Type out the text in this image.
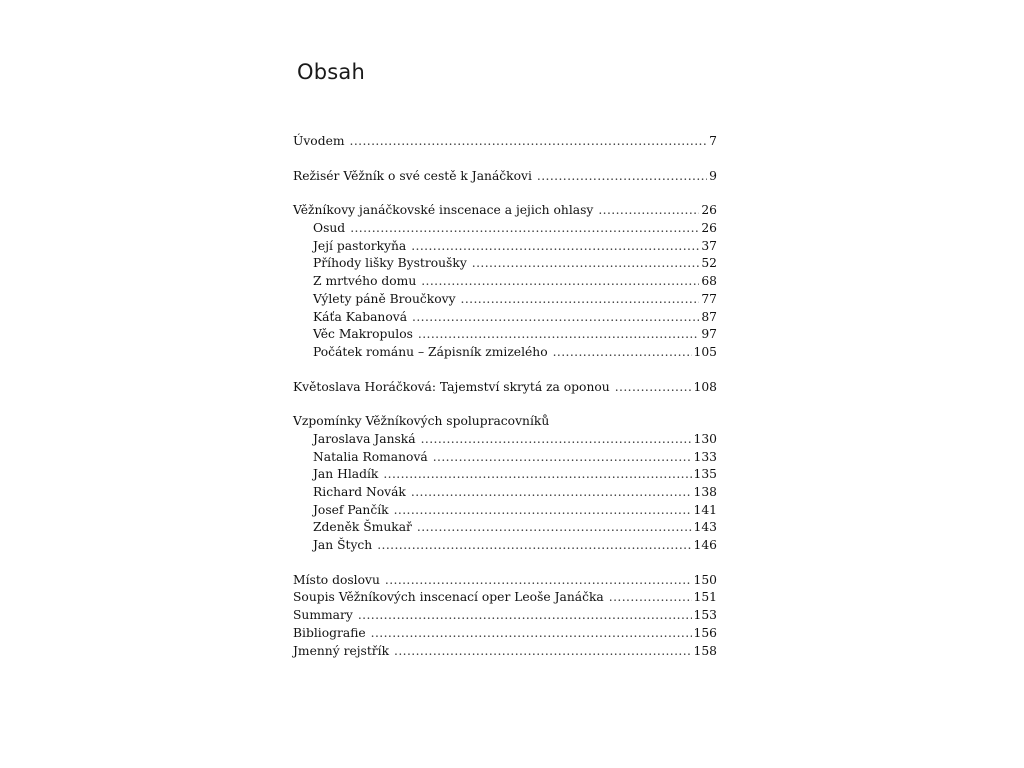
Obsah
Úvodem .....	7
Režisér Věžník o své cestě k Janáčkovi .....	9
Věžníkovy janáčkovské inscenace a jejich ohlasy .....	26
Osud .....	26
Její pastorkyňa .....	37
Příhody lišky Bystroušky .....	52
Z mrtvého domu .....	68
Výlety páně Broučkovy .....	77
Káťa Kabanová .....	87
Věc Makropulos .....	97
Počátek románu – Zápisník zmizelého .....	105
Květoslava Horáčková: Tajemství skrytá za oponou .....	108
Vzpomínky Věžníkových spolupracovníků
Jaroslava Janská .....	130
Natalia Romanová .....	133
Jan Hladík .....	135
Richard Novák .....	138
Josef Pančík .....	141
Zdeněk Šmukař .....	143
Jan Štych .....	146
Místo doslovu .....	150
Soupis Věžníkových inscenací oper Leoše Janáčka .....	151
Summary .....	153
Bibliografie .....	156
Jmenný rejstřík .....	158
